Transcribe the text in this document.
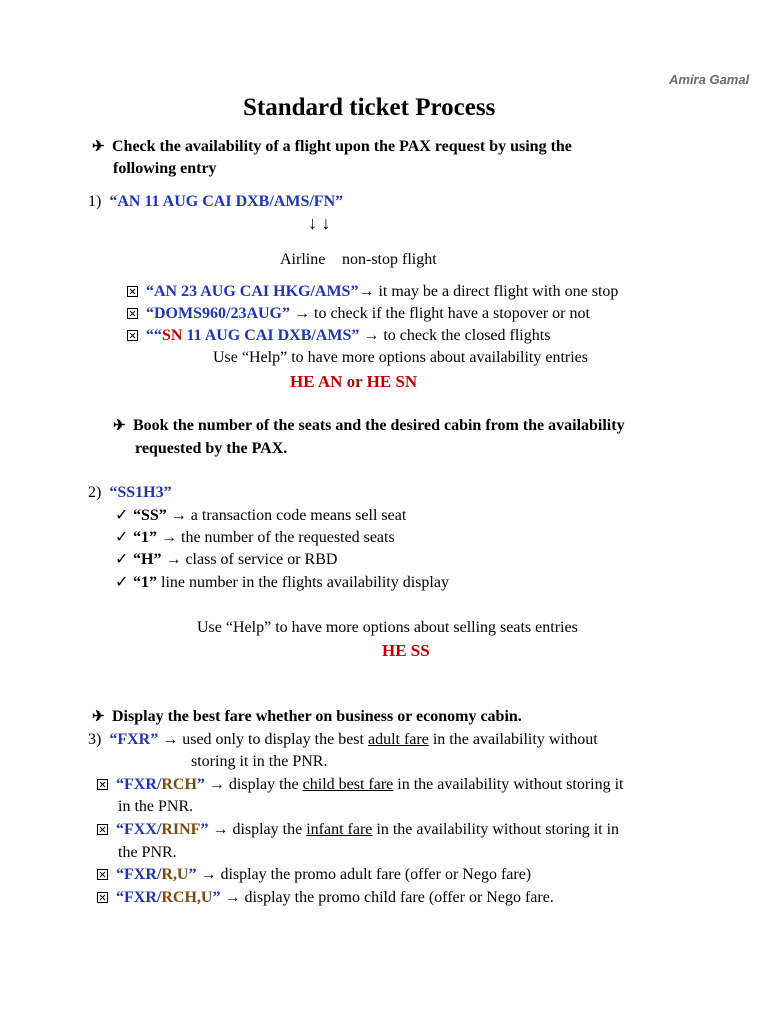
Amira Gamal
Standard ticket Process
✈ Check the availability of a flight upon the PAX request by using the
following entry
1) “AN 11 AUG CAI DXB/AMS/FN”
↓ ↓
Airline non-stop flight
“AN 23 AUG CAI HKG/AMS”→ it may be a direct flight with one stop
“DOMS960/23AUG” → to check if the flight have a stopover or not
““SN 11 AUG CAI DXB/AMS” → to check the closed flights
Use “Help” to have more options about availability entries
HE AN or HE SN
✈ Book the number of the seats and the desired cabin from the availability
requested by the PAX.
2) “SS1H3”
✓ “SS” → a transaction code means sell seat
✓ “1” → the number of the requested seats
✓ “H” → class of service or RBD
✓ “1” line number in the flights availability display
Use “Help” to have more options about selling seats entries
HE SS
✈ Display the best fare whether on business or economy cabin.
3) “FXR” → used only to display the best adult fare in the availability without
storing it in the PNR.
“FXR/RCH” → display the child best fare in the availability without storing it
in the PNR.
“FXX/RINF” → display the infant fare in the availability without storing it in
the PNR.
“FXR/R,U” → display the promo adult fare (offer or Nego fare)
“FXR/RCH,U” → display the promo child fare (offer or Nego fare.
